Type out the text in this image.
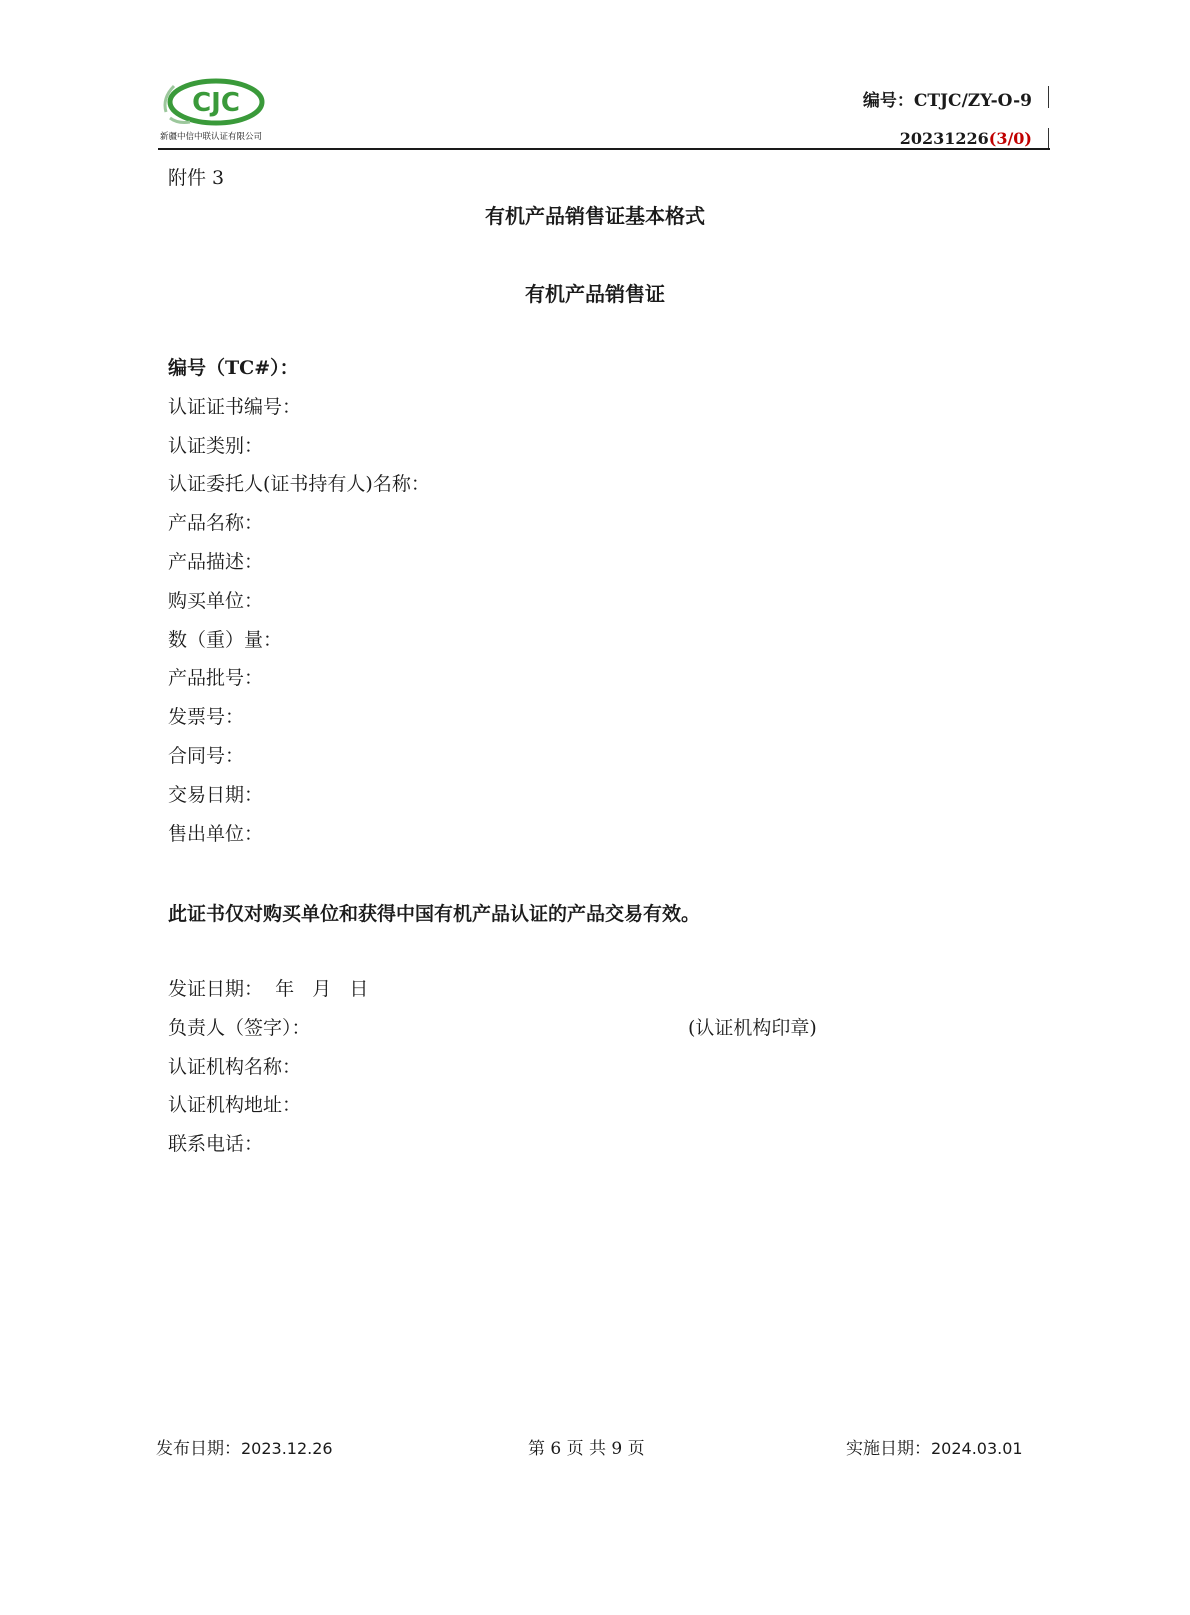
CJC
新疆中信中联认证有限公司
编号：CTJC/ZY-O-9
20231226(3/0)
附件 3
有机产品销售证基本格式
有机产品销售证
编号（TC#）：
认证证书编号：
认证类别：
认证委托人(证书持有人)名称：
产品名称：
产品描述：
购买单位：
数（重）量：
产品批号：
发票号：
合同号：
交易日期：
售出单位：
此证书仅对购买单位和获得中国有机产品认证的产品交易有效。
发证日期：  年   月   日
负责人（签字）：
认证机构名称：
认证机构地址：
联系电话：
(认证机构印章)
发布日期：2023.12.26	第 6 页 共 9 页	实施日期：2024.03.01
